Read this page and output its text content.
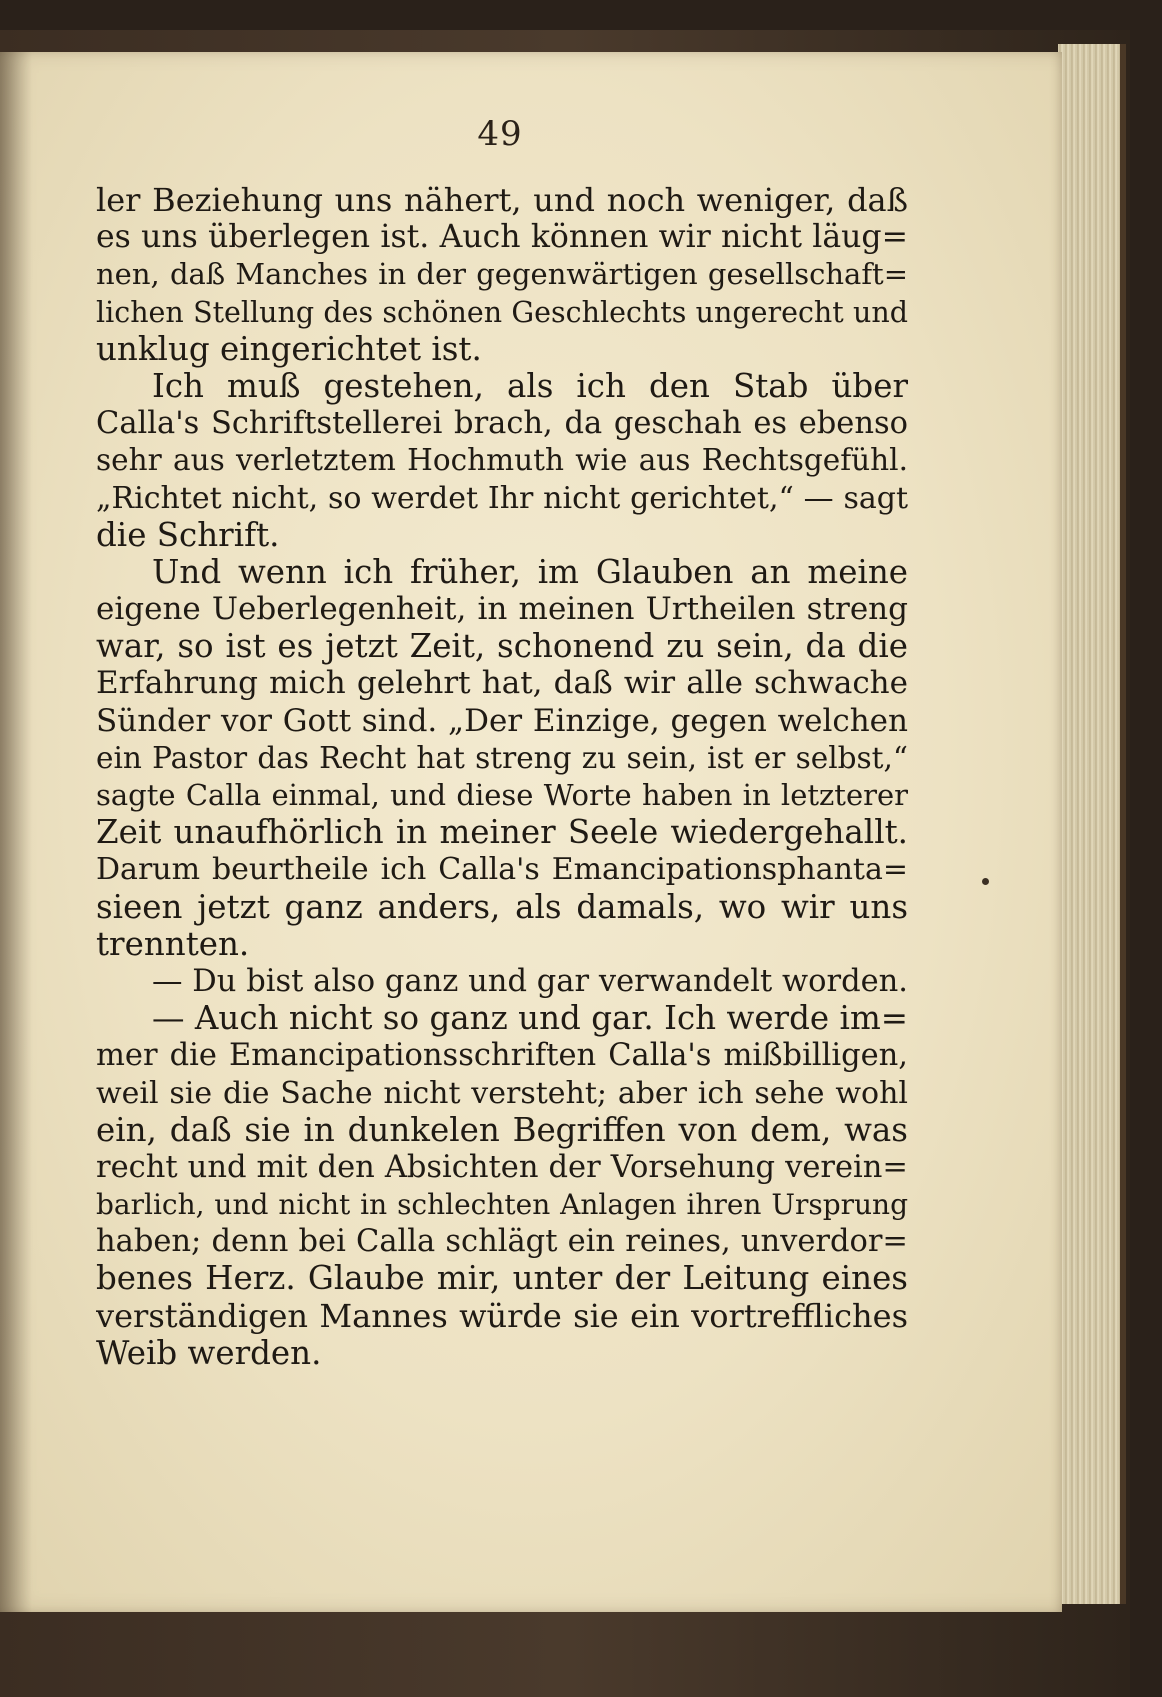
49
ler Beziehung uns nähert, und noch weniger, daß
es uns überlegen ist. Auch können wir nicht läug=
nen, daß Manches in der gegenwärtigen gesellschaft=
lichen Stellung des schönen Geschlechts ungerecht und
unklug eingerichtet ist.
Ich muß gestehen, als ich den Stab über
Calla's Schriftstellerei brach, da geschah es ebenso
sehr aus verletztem Hochmuth wie aus Rechtsgefühl.
„Richtet nicht, so werdet Ihr nicht gerichtet,“ — sagt
die Schrift.
Und wenn ich früher, im Glauben an meine
eigene Ueberlegenheit, in meinen Urtheilen streng
war, so ist es jetzt Zeit, schonend zu sein, da die
Erfahrung mich gelehrt hat, daß wir alle schwache
Sünder vor Gott sind. „Der Einzige, gegen welchen
ein Pastor das Recht hat streng zu sein, ist er selbst,“
sagte Calla einmal, und diese Worte haben in letzterer
Zeit unaufhörlich in meiner Seele wiedergehallt.
Darum beurtheile ich Calla's Emancipationsphanta=
sieen jetzt ganz anders, als damals, wo wir uns
trennten.
— Du bist also ganz und gar verwandelt worden.
— Auch nicht so ganz und gar. Ich werde im=
mer die Emancipationsschriften Calla's mißbilligen,
weil sie die Sache nicht versteht; aber ich sehe wohl
ein, daß sie in dunkelen Begriffen von dem, was
recht und mit den Absichten der Vorsehung verein=
barlich, und nicht in schlechten Anlagen ihren Ursprung
haben; denn bei Calla schlägt ein reines, unverdor=
benes Herz. Glaube mir, unter der Leitung eines
verständigen Mannes würde sie ein vortreffliches
Weib werden.
